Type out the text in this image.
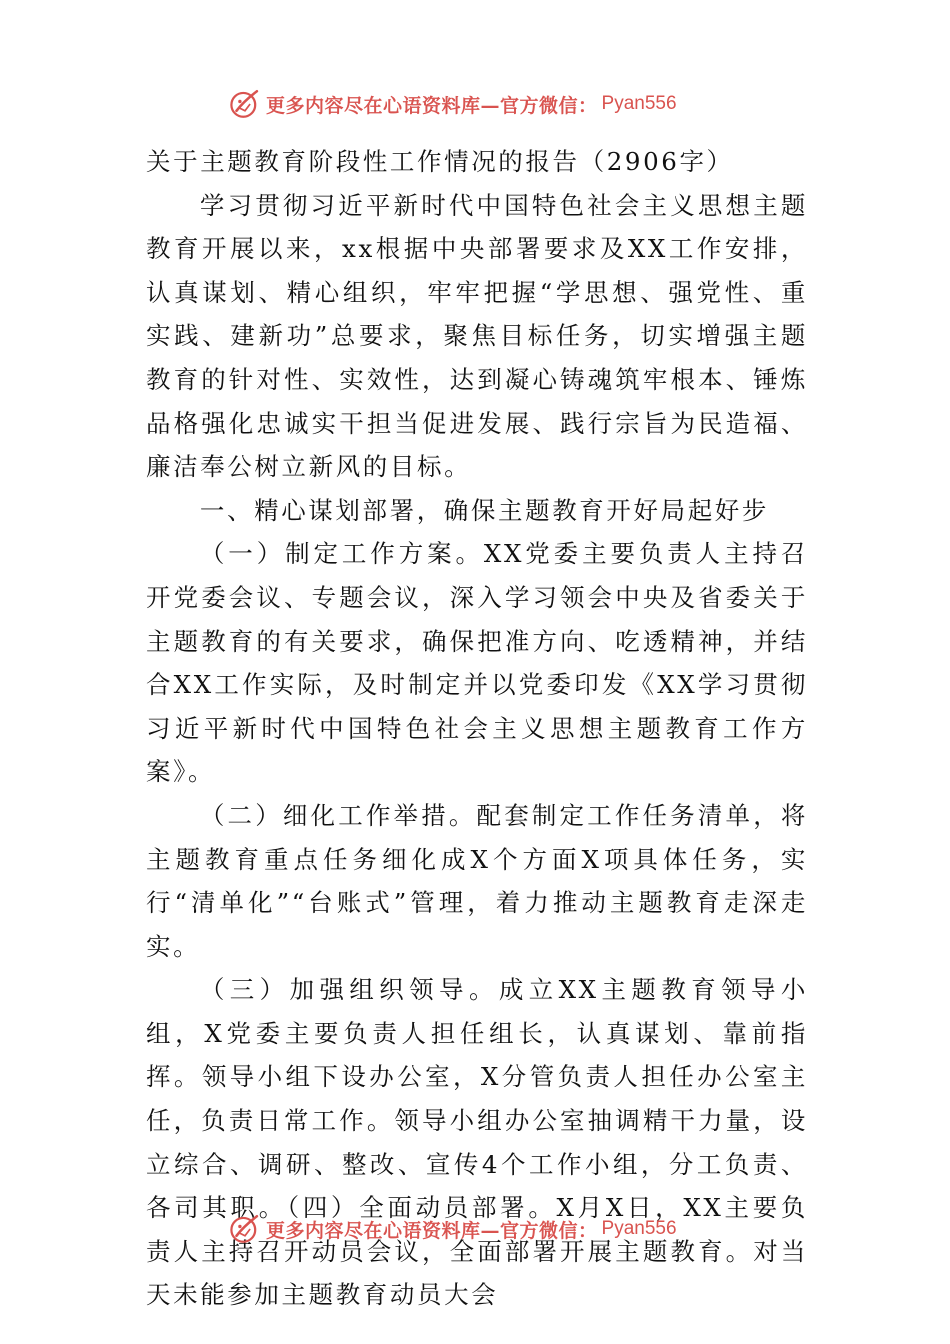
更多内容尽在心语资料库—官方微信： Pyan556

关于主题教育阶段性工作情况的报告（2906字）

学习贯彻习近平新时代中国特色社会主义思想主题教育开展以来，xx根据中央部署要求及XX工作安排，认真谋划、精心组织，牢牢把握“学思想、强党性、重实践、建新功”总要求，聚焦目标任务，切实增强主题教育的针对性、实效性，达到凝心铸魂筑牢根本、锤炼品格强化忠诚实干担当促进发展、践行宗旨为民造福、廉洁奉公树立新风的目标。

一、精心谋划部署，确保主题教育开好局起好步

（一）制定工作方案。XX党委主要负责人主持召开党委会议、专题会议，深入学习领会中央及省委关于主题教育的有关要求，确保把准方向、吃透精神，并结合XX工作实际，及时制定并以党委印发《XX学习贯彻习近平新时代中国特色社会主义思想主题教育工作方案》。

（二）细化工作举措。配套制定工作任务清单，将主题教育重点任务细化成X个方面X项具体任务，实行“清单化”“台账式”管理，着力推动主题教育走深走实。

（三）加强组织领导。成立XX主题教育领导小组，X党委主要负责人担任组长，认真谋划、靠前指挥。领导小组下设办公室，X分管负责人担任办公室主任，负责日常工作。领导小组办公室抽调精干力量，设立综合、调研、整改、宣传4个工作小组，分工负责、各司其职。（四）全面动员部署。X月X日，XX主要负责人主持召开动员会议，全面部署开展主题教育。对当天未能参加主题教育动员大会

更多内容尽在心语资料库—官方微信： Pyan556
